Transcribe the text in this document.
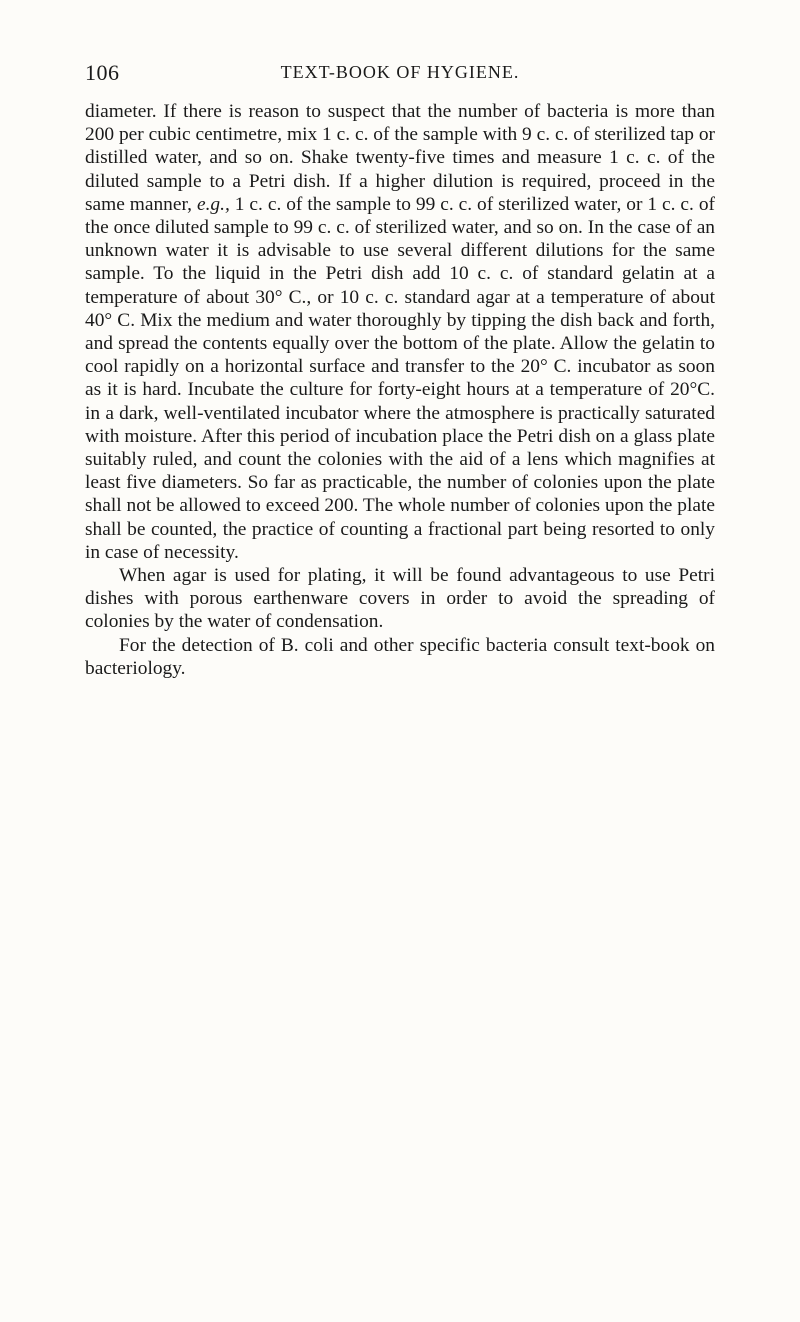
106	TEXT-BOOK OF HYGIENE.

diameter. If there is reason to suspect that the number of bacteria is more than 200 per cubic centimetre, mix 1 c. c. of the sample with 9 c. c. of sterilized tap or distilled water, and so on. Shake twenty-five times and measure 1 c. c. of the diluted sample to a Petri dish. If a higher dilution is required, proceed in the same manner, e.g., 1 c. c. of the sample to 99 c. c. of sterilized water, or 1 c. c. of the once diluted sample to 99 c. c. of sterilized water, and so on. In the case of an unknown water it is advisable to use several different dilutions for the same sample. To the liquid in the Petri dish add 10 c. c. of standard gelatin at a temperature of about 30° C., or 10 c. c. standard agar at a temperature of about 40° C. Mix the medium and water thoroughly by tipping the dish back and forth, and spread the contents equally over the bottom of the plate. Allow the gelatin to cool rapidly on a horizontal surface and transfer to the 20° C. incubator as soon as it is hard. Incubate the culture for forty-eight hours at a temperature of 20°C. in a dark, well-ventilated incubator where the atmosphere is practically saturated with moisture. After this period of incubation place the Petri dish on a glass plate suitably ruled, and count the colonies with the aid of a lens which magnifies at least five diameters. So far as practicable, the number of colonies upon the plate shall not be allowed to exceed 200. The whole number of colonies upon the plate shall be counted, the practice of counting a fractional part being resorted to only in case of necessity.

When agar is used for plating, it will be found advantageous to use Petri dishes with porous earthenware covers in order to avoid the spreading of colonies by the water of condensation.

For the detection of B. coli and other specific bacteria consult text-book on bacteriology.
